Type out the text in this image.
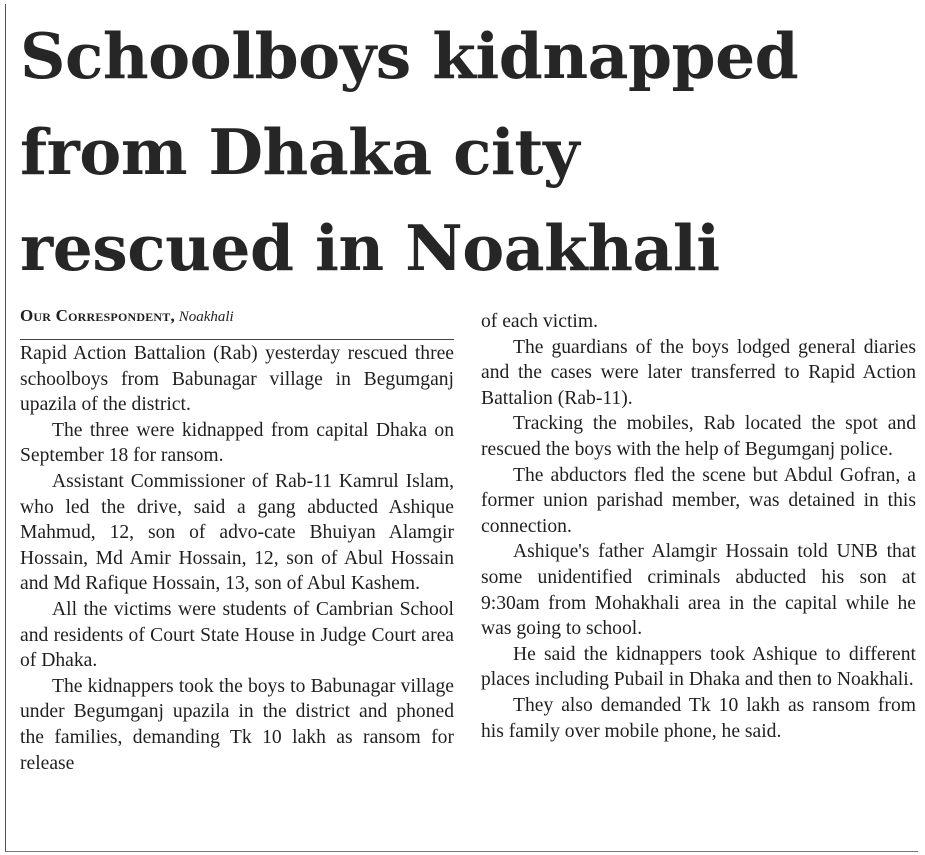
Schoolboys kidnapped
from Dhaka city
rescued in Noakhali

Our Correspondent, Noakhali

Rapid Action Battalion (Rab) yesterday rescued three schoolboys from Babunagar village in Begumganj upazila of the district.

The three were kidnapped from capital Dhaka on September 18 for ransom.

Assistant Commissioner of Rab-11 Kamrul Islam, who led the drive, said a gang abducted Ashique Mahmud, 12, son of advo-cate Bhuiyan Alamgir Hossain, Md Amir Hossain, 12, son of Abul Hossain and Md Rafique Hossain, 13, son of Abul Kashem.

All the victims were students of Cambrian School and residents of Court State House in Judge Court area of Dhaka.

The kidnappers took the boys to Babunagar village under Begumganj upazila in the district and phoned the families, demanding Tk 10 lakh as ransom for release

of each victim.

The guardians of the boys lodged general diaries and the cases were later transferred to Rapid Action Battalion (Rab-11).

Tracking the mobiles, Rab located the spot and rescued the boys with the help of Begumganj police.

The abductors fled the scene but Abdul Gofran, a former union parishad member, was detained in this connection.

Ashique's father Alamgir Hossain told UNB that some unidentified criminals abducted his son at 9:30am from Mohakhali area in the capital while he was going to school.

He said the kidnappers took Ashique to different places including Pubail in Dhaka and then to Noakhali.

They also demanded Tk 10 lakh as ransom from his family over mobile phone, he said.
